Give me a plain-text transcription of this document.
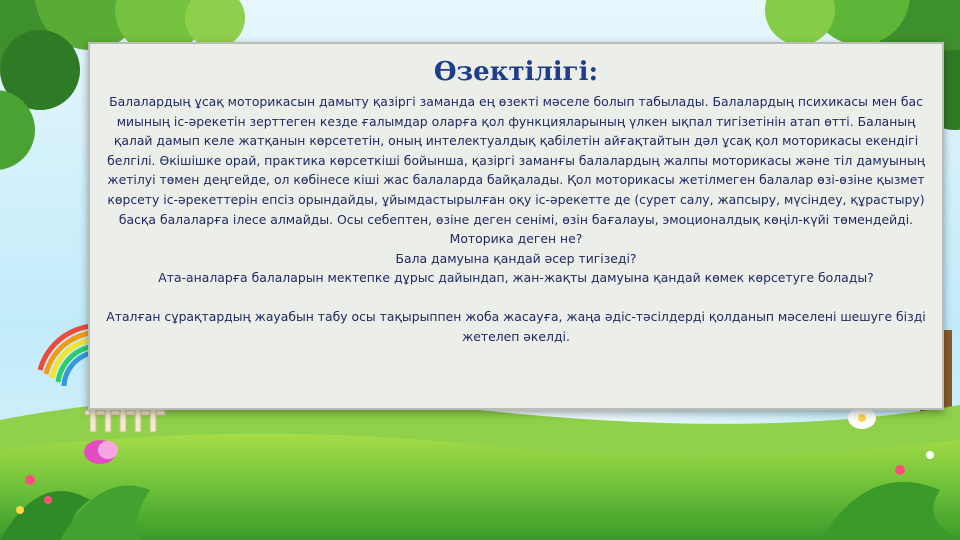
Өзектілігі:

Балалардың ұсақ моторикасын дамыту қазіргі заманда ең өзекті мәселе болып табылады. Балалардың психикасы мен бас миының іс-әрекетін зерттеген кезде ғалымдар оларға қол функцияларының үлкен ықпал тигізетінін атап өтті. Баланың қалай дамып келе жатқанын көрсететін, оның интелектуалдық қабілетін айғақтайтын дәл ұсақ қол моторикасы екендігі белгілі. Өкішішке орай, практика көрсеткіші бойынша, қазіргі заманғы балалардың жалпы моторикасы және тіл дамуының жетілуі төмен деңгейде, ол көбінесе кіші жас балаларда байқалады. Қол моторикасы жетілмеген балалар өзі-өзіне қызмет көрсету іс-әрекеттерін епсіз орындайды, ұйымдастырылған оқу іс-әрекетте де (сурет салу, жапсыру, мүсіндеу, құрастыру) басқа балаларға ілесе алмайды. Осы себептен, өзіне деген сенімі, өзін бағалауы, эмоционалдық көңіл-күйі төмендейді.

Моторика деген не?

Бала дамуына қандай әсер тигізеді?

Ата-аналарға балаларын мектепке дұрыс дайындап, жан-жақты дамуына қандай көмек көрсетуге болады?

Аталған сұрақтардың жауабын табу осы тақырыппен жоба жасауға, жаңа әдіс-тәсілдерді қолданып мәселені шешуге бізді жетелеп әкелді.
